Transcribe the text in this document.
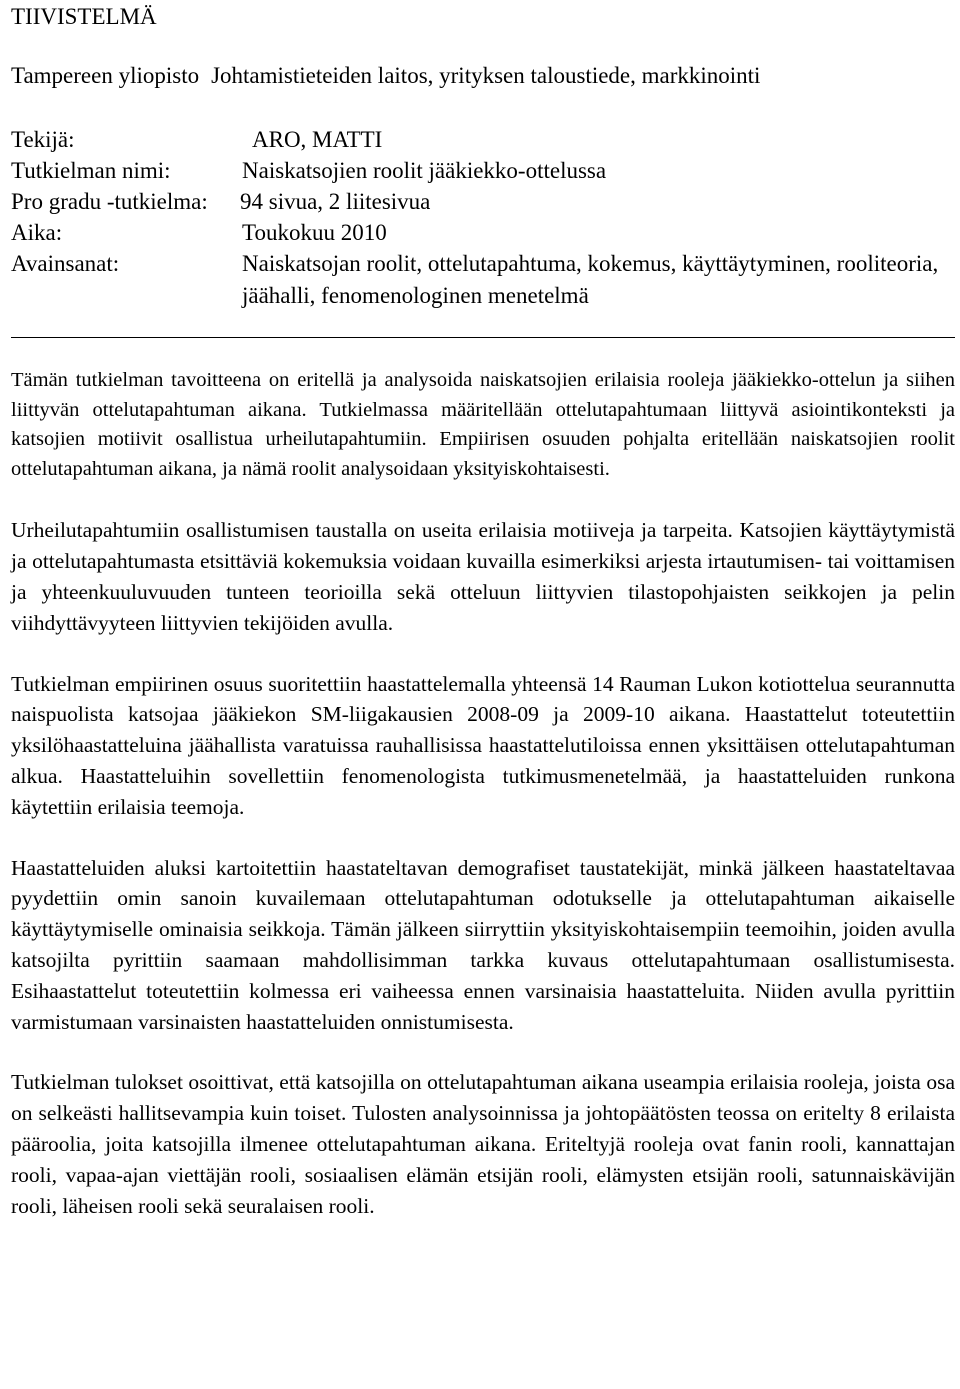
TIIVISTELMÄ
Tampereen yliopisto Johtamistieteiden laitos, yrityksen taloustiede, markkinointi
Tekijä:	ARO, MATTI
Tutkielman nimi:	Naiskatsojien roolit jääkiekko-ottelussa
Pro gradu -tutkielma: 94 sivua, 2 liitesivua
Aika:	Toukokuu 2010
Avainsanat:	Naiskatsojan roolit, ottelutapahtuma, kokemus, käyttäytyminen, rooliteoria, jäähalli, fenomenologinen menetelmä

Tämän tutkielman tavoitteena on eritellä ja analysoida naiskatsojien erilaisia rooleja jääkiekko-ottelun ja siihen liittyvän ottelutapahtuman aikana. Tutkielmassa määritellään ottelutapahtumaan liittyvä asiointikonteksti ja katsojien motiivit osallistua urheilutapahtumiin. Empiirisen osuuden pohjalta eritellään naiskatsojien roolit ottelutapahtuman aikana, ja nämä roolit analysoidaan yksityiskohtaisesti.

Urheilutapahtumiin osallistumisen taustalla on useita erilaisia motiiveja ja tarpeita. Katsojien käyttäytymistä ja ottelutapahtumasta etsittäviä kokemuksia voidaan kuvailla esimerkiksi arjesta irtautumisen- tai voittamisen ja yhteenkuuluvuuden tunteen teorioilla sekä otteluun liittyvien tilastopohjaisten seikkojen ja pelin viihdyttävyyteen liittyvien tekijöiden avulla.

Tutkielman empiirinen osuus suoritettiin haastattelemalla yhteensä 14 Rauman Lukon kotiottelua seurannutta naispuolista katsojaa jääkiekon SM-liigakausien 2008-09 ja 2009-10 aikana. Haastattelut toteutettiin yksilöhaastatteluina jäähallista varatuissa rauhallisissa haastattelutiloissa ennen yksittäisen ottelutapahtuman alkua. Haastatteluihin sovellettiin fenomenologista tutkimusmenetelmää, ja haastatteluiden runkona käytettiin erilaisia teemoja.

Haastatteluiden aluksi kartoitettiin haastateltavan demografiset taustatekijät, minkä jälkeen haastateltavaa pyydettiin omin sanoin kuvailemaan ottelutapahtuman odotukselle ja ottelutapahtuman aikaiselle käyttäytymiselle ominaisia seikkoja. Tämän jälkeen siirryttiin yksityiskohtaisempiin teemoihin, joiden avulla katsojilta pyrittiin saamaan mahdollisimman tarkka kuvaus ottelutapahtumaan osallistumisesta. Esihaastattelut toteutettiin kolmessa eri vaiheessa ennen varsinaisia haastatteluita. Niiden avulla pyrittiin varmistumaan varsinaisten haastatteluiden onnistumisesta.

Tutkielman tulokset osoittivat, että katsojilla on ottelutapahtuman aikana useampia erilaisia rooleja, joista osa on selkeästi hallitsevampia kuin toiset. Tulosten analysoinnissa ja johtopäätösten teossa on eritelty 8 erilaista pääroolia, joita katsojilla ilmenee ottelutapahtuman aikana. Eriteltyjä rooleja ovat fanin rooli, kannattajan rooli, vapaa-ajan viettäjän rooli, sosiaalisen elämän etsijän rooli, elämysten etsijän rooli, satunnaiskävijän rooli, läheisen rooli sekä seuralaisen rooli.
